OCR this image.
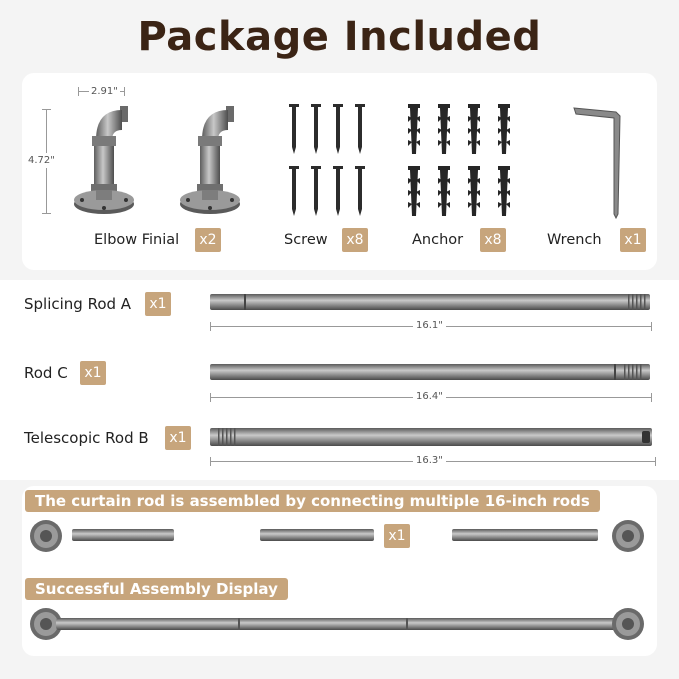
Package Included
2.91"
4.72"
Elbow Finial	x2	Screw	x8	Anchor	x8	Wrench	x1
Splicing Rod A	x1
16.1"
Rod C	x1
16.4"
Telescopic Rod B	x1
16.3"
The curtain rod is assembled by connecting multiple 16-inch rods
x1
Successful Assembly Display
